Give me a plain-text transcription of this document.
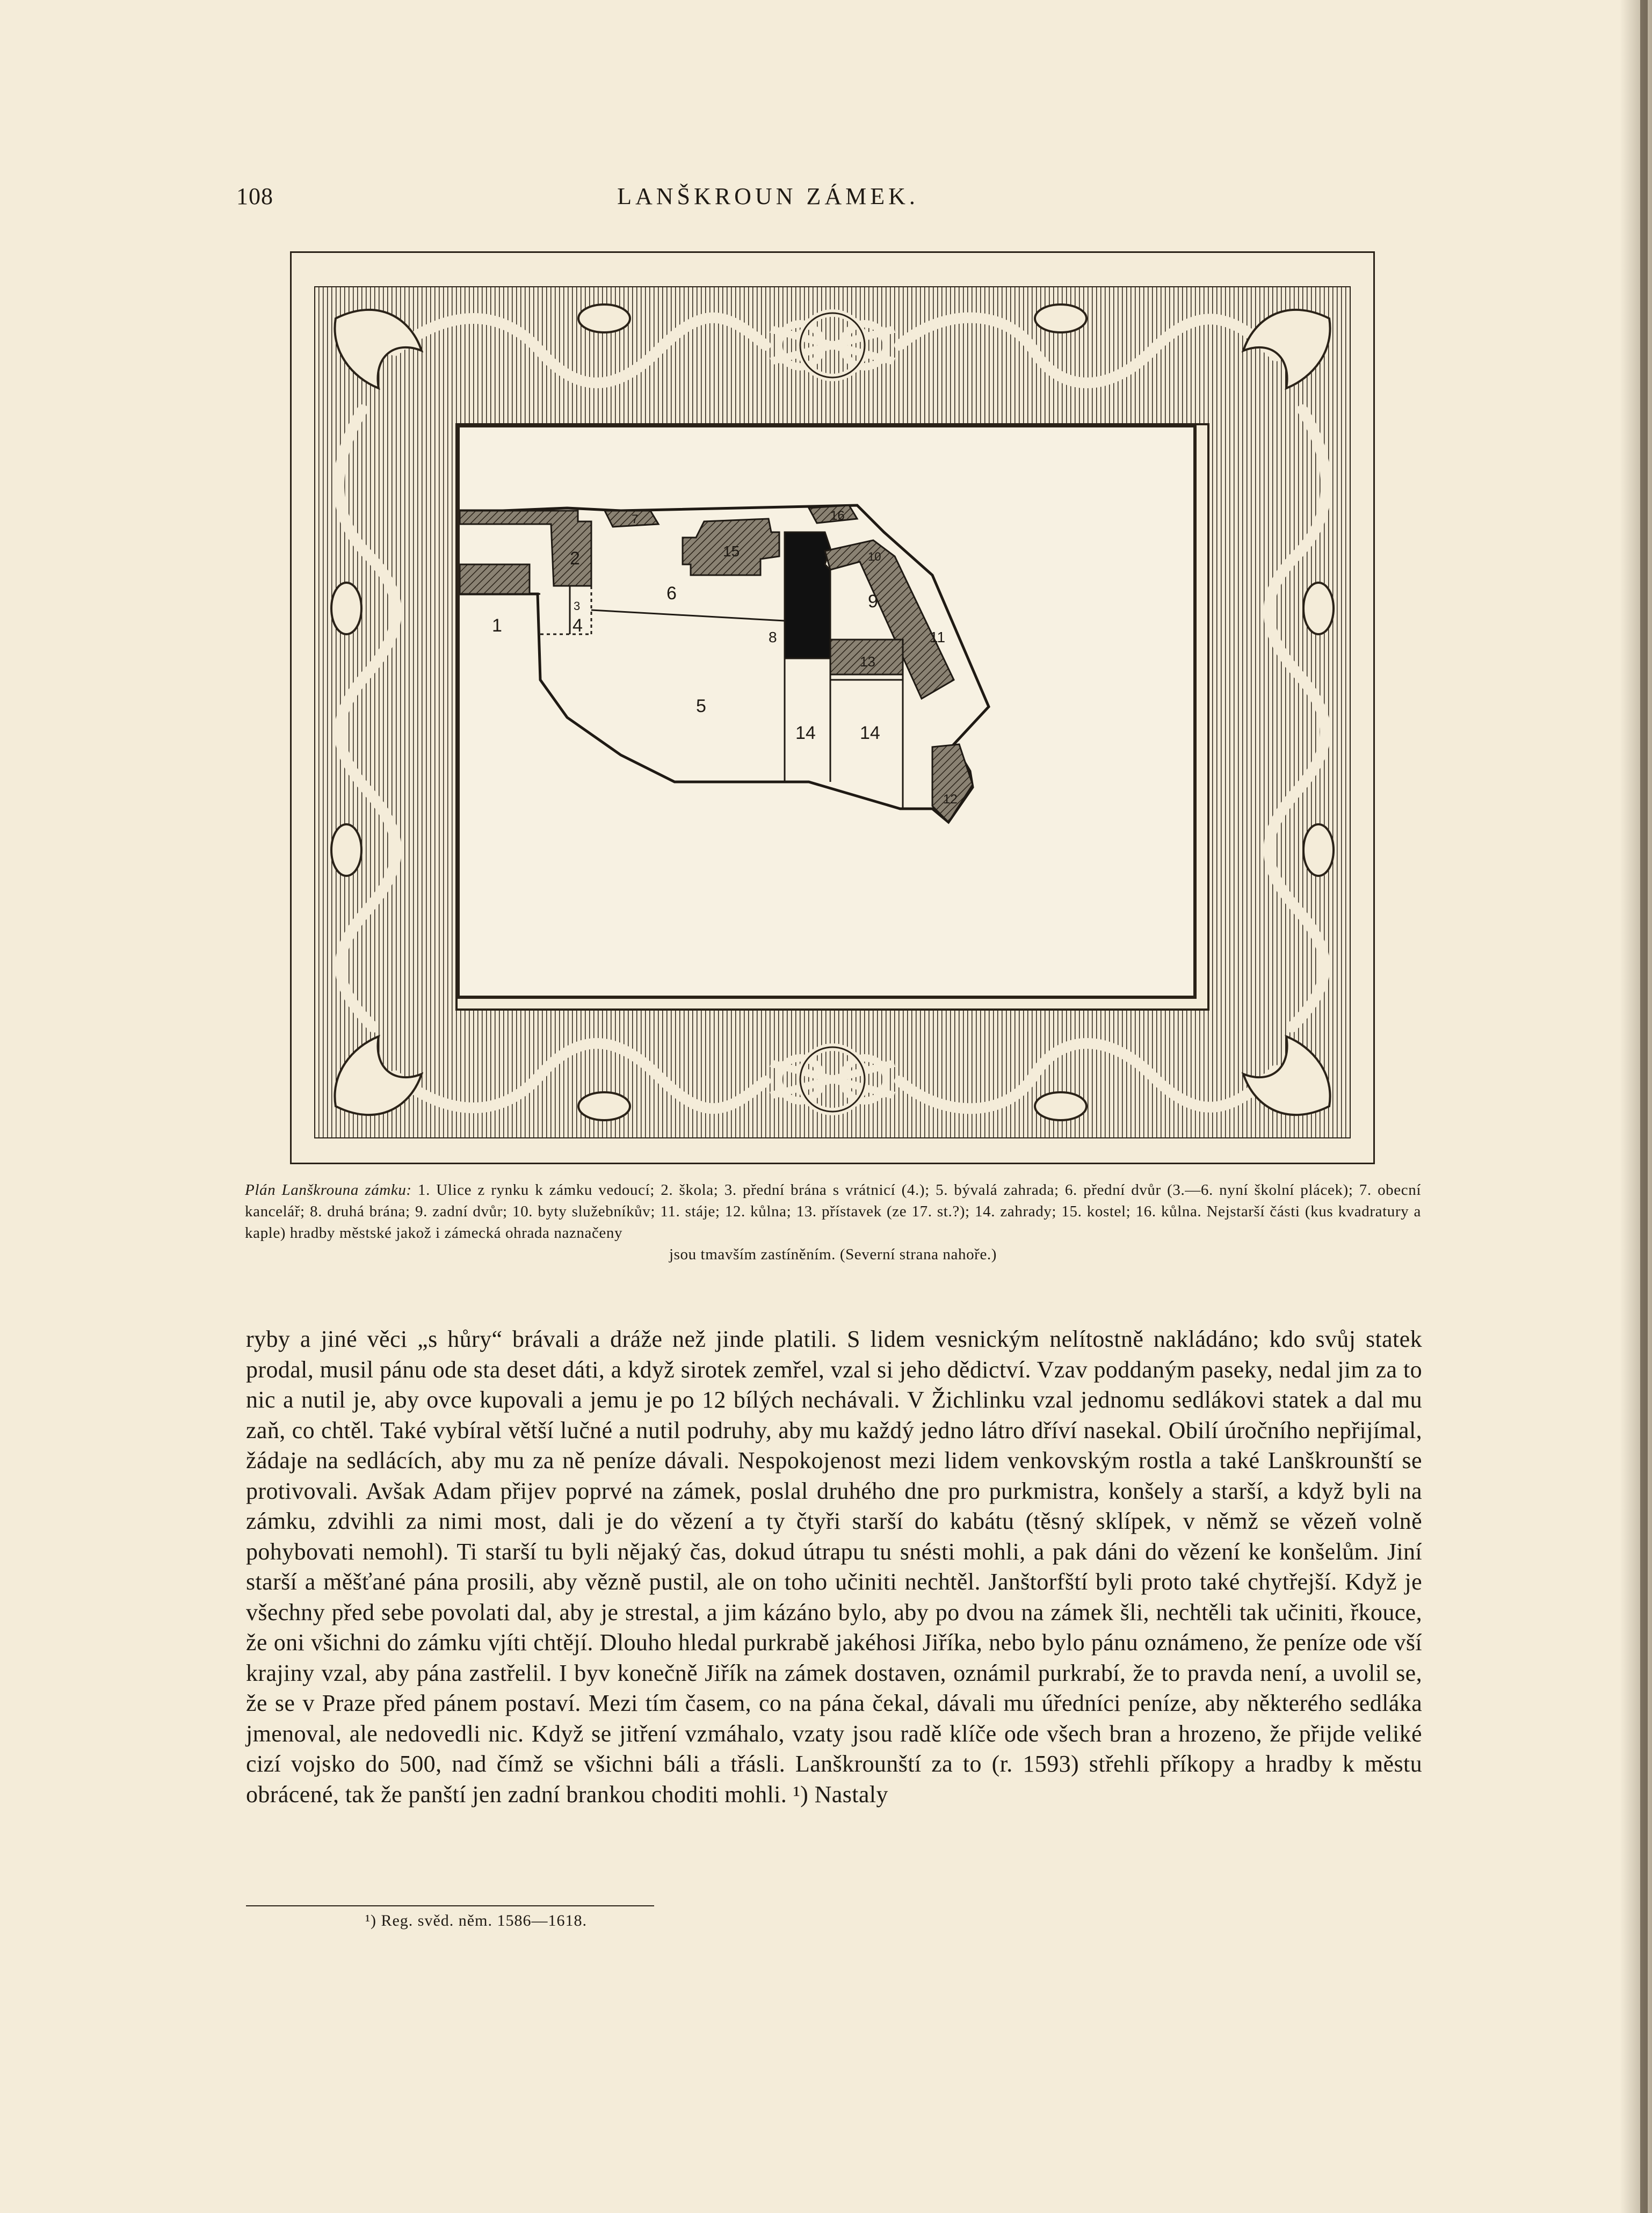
108	LANŠKROUN ZÁMEK.
1
2
3
4
5
6
7
8
9
10
11
12
13
14 14
15
16
Plán Lanškrouna zámku: 1. Ulice z rynku k zámku vedoucí; 2. škola; 3. přední brána s vrátnicí (4.); 5. bývalá zahrada; 6. přední dvůr (3.—6. nyní školní plácek); 7. obecní kancelář; 8. druhá brána; 9. zadní dvůr; 10. byty služebníkův; 11. stáje; 12. kůlna; 13. přístavek (ze 17. st.?); 14. zahrady; 15. kostel; 16. kůlna. Nejstarší části (kus kvadratury a kaple) hradby městské jakož i zámecká ohrada naznačeny
jsou tmavším zastíněním. (Severní strana nahoře.)

ryby a jiné věci „s hůry“ brávali a dráže než jinde platili. S lidem vesnickým nelítostně nakládáno; kdo svůj statek prodal, musil pánu ode sta deset dáti, a když sirotek zemřel, vzal si jeho dědictví. Vzav poddaným paseky, nedal jim za to nic a nutil je, aby ovce kupovali a jemu je po 12 bílých nechávali. V Žichlinku vzal jednomu sedlákovi statek a dal mu zaň, co chtěl. Také vybíral větší lučné a nutil podruhy, aby mu každý jedno látro dříví nasekal. Obilí úročního nepřijímal, žádaje na sedlácích, aby mu za ně peníze dávali. Nespokojenost mezi lidem venkovským rostla a také Lanškrounští se protivovali. Avšak Adam přijev poprvé na zámek, poslal druhého dne pro purkmistra, konšely a starší, a když byli na zámku, zdvihli za nimi most, dali je do vězení a ty čtyři starší do kabátu (těsný sklípek, v němž se vězeň volně pohybovati nemohl). Ti starší tu byli nějaký čas, dokud útrapu tu snésti mohli, a pak dáni do vězení ke konšelům. Jiní starší a měšťané pána prosili, aby vězně pustil, ale on toho učiniti nechtěl. Janštorfští byli proto také chytřejší. Když je všechny před sebe povolati dal, aby je strestal, a jim kázáno bylo, aby po dvou na zámek šli, nechtěli tak učiniti, řkouce, že oni všichni do zámku vjíti chtějí. Dlouho hledal purkrabě jakéhosi Jiříka, nebo bylo pánu oznámeno, že peníze ode vší krajiny vzal, aby pána zastřelil. I byv konečně Jiřík na zámek dostaven, oznámil purkrabí, že to pravda není, a uvolil se, že se v Praze před pánem postaví. Mezi tím časem, co na pána čekal, dávali mu úředníci peníze, aby některého sedláka jmenoval, ale nedovedli nic. Když se jitření vzmáhalo, vzaty jsou radě klíče ode všech bran a hrozeno, že přijde veliké cizí vojsko do 500, nad čímž se všichni báli a třásli. Lanškrounští za to (r. 1593) střehli příkopy a hradby k městu obrácené, tak že panští jen zadní brankou choditi mohli. ¹) Nastaly

¹) Reg. svěd. něm. 1586—1618.
